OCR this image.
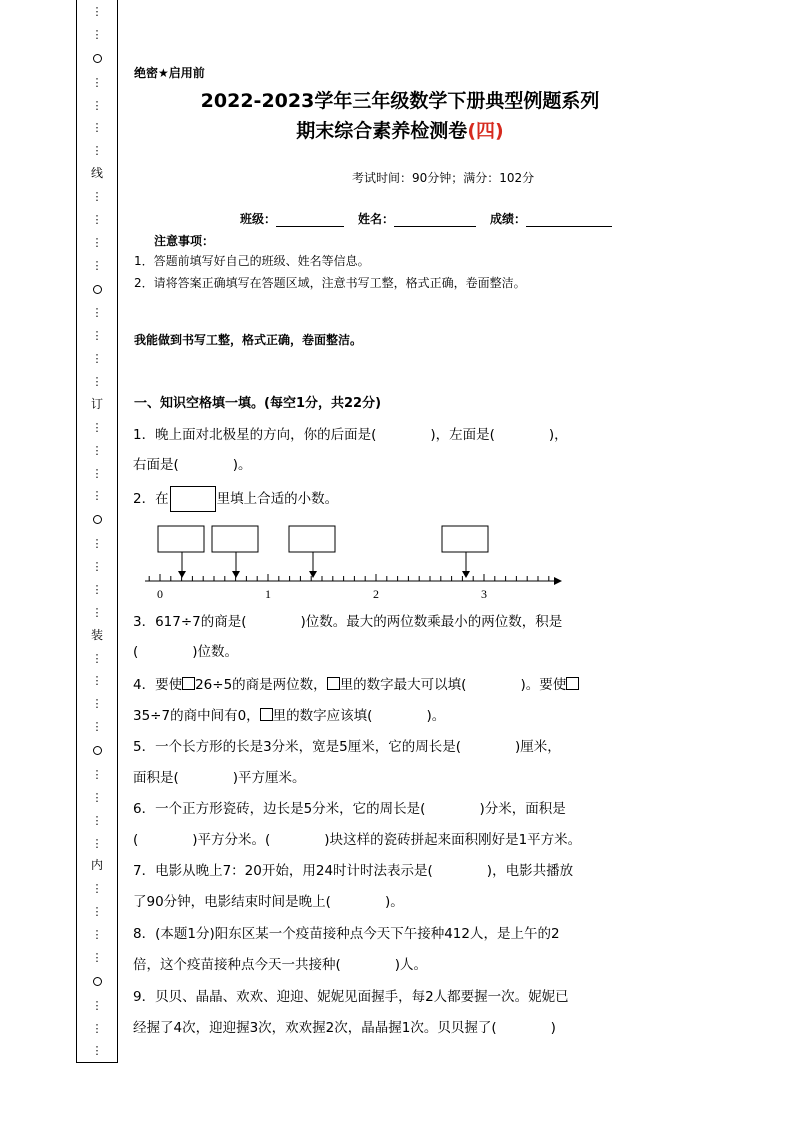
⋮
⋮
⋮
⋮
⋮
⋮
线
⋮
⋮
⋮
⋮
⋮
⋮
⋮
⋮
订
⋮
⋮
⋮
⋮
⋮
⋮
⋮
⋮
装
⋮
⋮
⋮
⋮
⋮
⋮
⋮
⋮
内
⋮
⋮
⋮
⋮
⋮
⋮
⋮
绝密★启用前
2022-2023学年三年级数学下册典型例题系列
期末综合素养检测卷(四)
考试时间：90分钟；满分：102分
班级：	姓名：	成绩：
注意事项：
1．答题前填写好自己的班级、姓名等信息。
2．请将答案正确填写在答题区域，注意书写工整，格式正确，卷面整洁。
我能做到书写工整，格式正确，卷面整洁。
一、知识空格填一填。(每空1分，共22分)
1．晚上面对北极星的方向，你的后面是(　　　　)，左面是(　　　　)，
右面是(　　　　)。
2．在	里填上合适的小数。
0	1	2	3
3．617÷7的商是(　　　　)位数。最大的两位数乘最小的两位数，积是
(　　　　)位数。
4．要使 26÷5的商是两位数， 里的数字最大可以填(　　　　)。要使
35÷7的商中间有0， 里的数字应该填(　　　　)。
5．一个长方形的长是3分米，宽是5厘米，它的周长是(　　　　)厘米，
面积是(　　　　)平方厘米。
6．一个正方形瓷砖，边长是5分米，它的周长是(　　　　)分米，面积是
(　　　　)平方分米。(　　　　)块这样的瓷砖拼起来面积刚好是1平方米。
7．电影从晚上7：20开始，用24时计时法表示是(　　　　)，电影共播放
了90分钟，电影结束时间是晚上(　　　　)。
8．(本题1分)阳东区某一个疫苗接种点今天下午接种412人，是上午的2
倍，这个疫苗接种点今天一共接种(　　　　)人。
9．贝贝、晶晶、欢欢、迎迎、妮妮见面握手，每2人都要握一次。妮妮已
经握了4次，迎迎握3次，欢欢握2次，晶晶握1次。贝贝握了(　　　　)
